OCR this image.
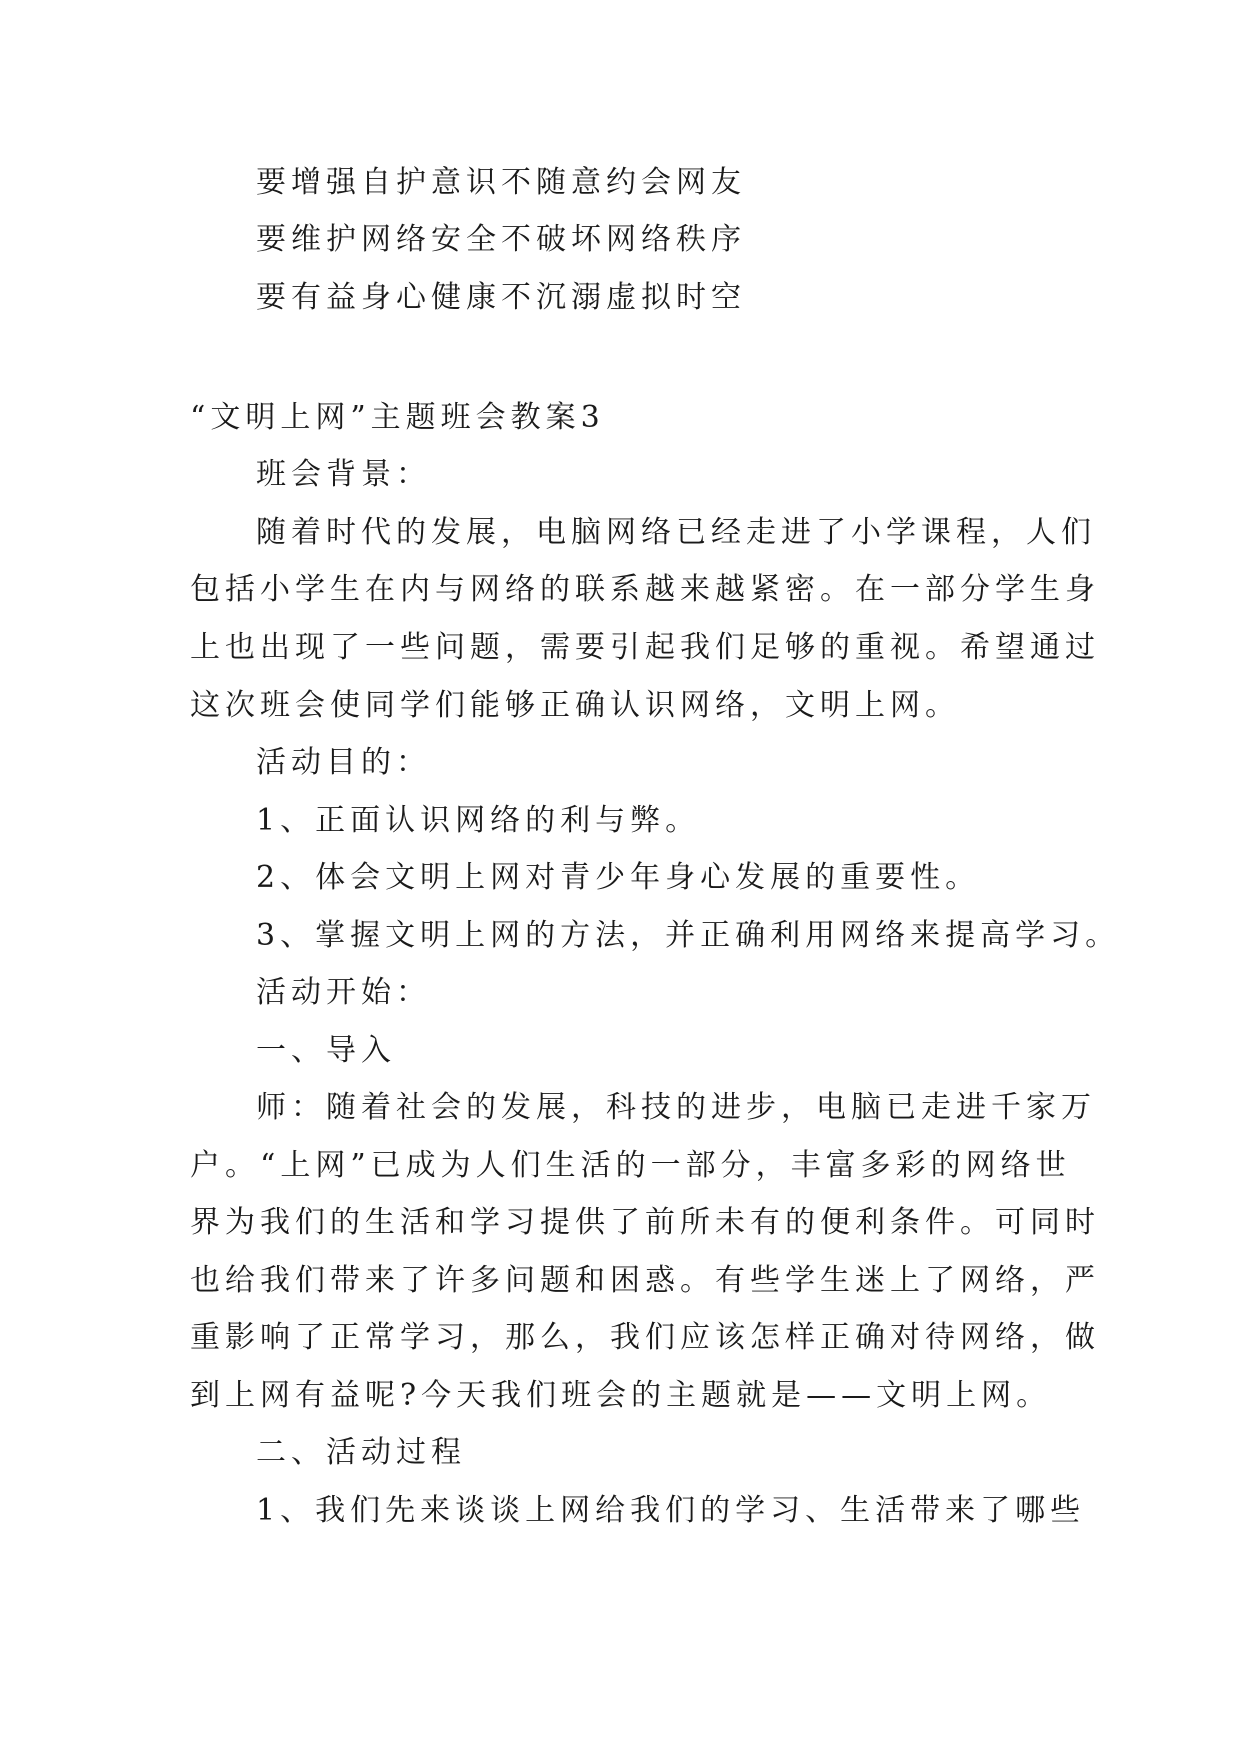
要增强自护意识不随意约会网友
要维护网络安全不破坏网络秩序
要有益身心健康不沉溺虚拟时空
“文明上网”主题班会教案3
班会背景：
随着时代的发展，电脑网络已经走进了小学课程，人们
包括小学生在内与网络的联系越来越紧密。在一部分学生身
上也出现了一些问题，需要引起我们足够的重视。希望通过
这次班会使同学们能够正确认识网络，文明上网。
活动目的：
1、正面认识网络的利与弊。
2、体会文明上网对青少年身心发展的重要性。
3、掌握文明上网的方法，并正确利用网络来提高学习。
活动开始：
一、导入
师：随着社会的发展，科技的进步，电脑已走进千家万
户。“上网”已成为人们生活的一部分，丰富多彩的网络世
界为我们的生活和学习提供了前所未有的便利条件。可同时
也给我们带来了许多问题和困惑。有些学生迷上了网络，严
重影响了正常学习，那么，我们应该怎样正确对待网络，做
到上网有益呢?今天我们班会的主题就是——文明上网。
二、活动过程
1、我们先来谈谈上网给我们的学习、生活带来了哪些
